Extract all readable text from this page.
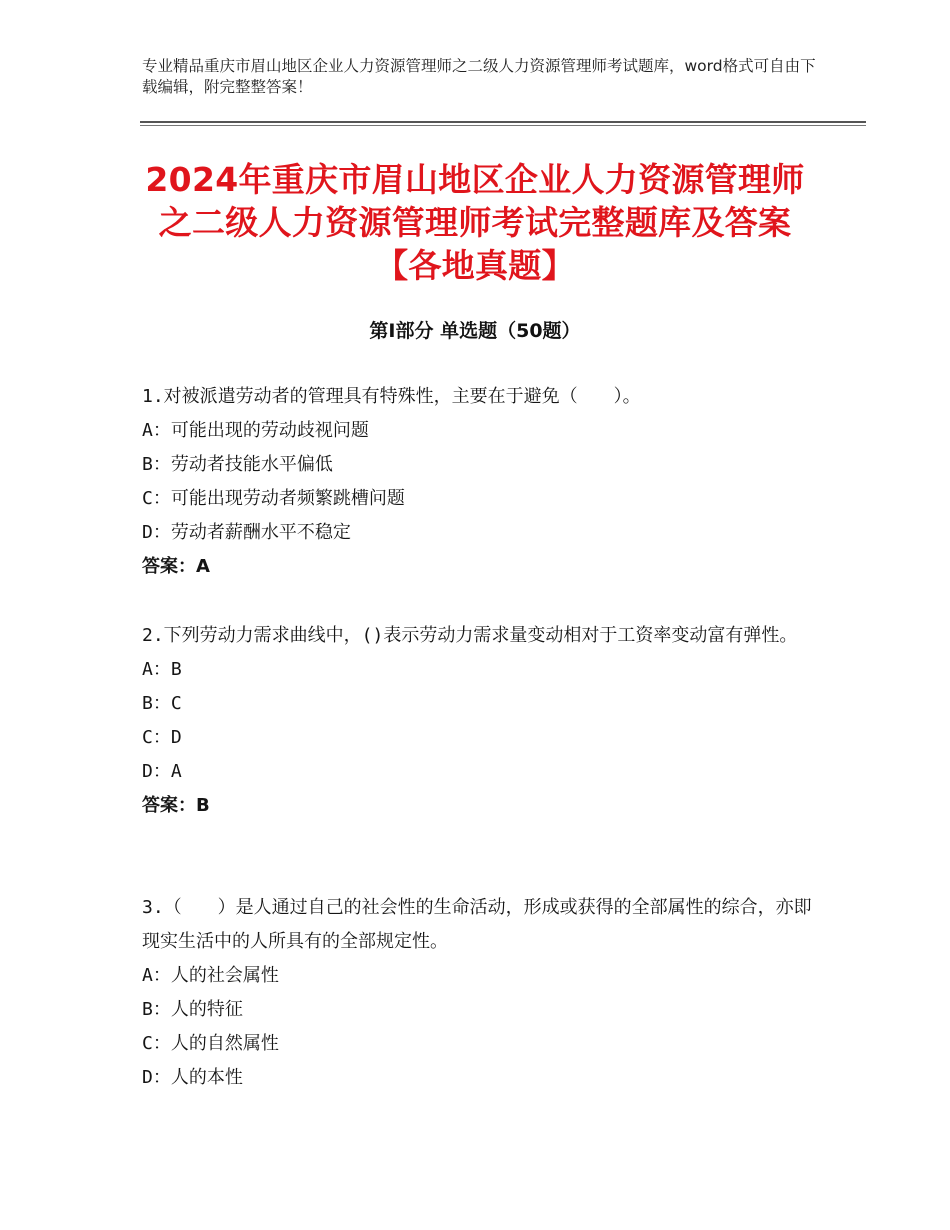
专业精品重庆市眉山地区企业人力资源管理师之二级人力资源管理师考试题库，word格式可自由下载编辑，附完整整答案！
2024年重庆市眉山地区企业人力资源管理师
之二级人力资源管理师考试完整题库及答案
【各地真题】
第Ⅰ部分 单选题（50题）

1.对被派遣劳动者的管理具有特殊性，主要在于避免（　　）。

A：可能出现的劳动歧视问题

B：劳动者技能水平偏低

C：可能出现劳动者频繁跳槽问题

D：劳动者薪酬水平不稳定

答案：A

2.下列劳动力需求曲线中，()表示劳动力需求量变动相对于工资率变动富有弹性。

A：B

B：C

C：D

D：A

答案：B

3.（　　）是人通过自己的社会性的生命活动，形成或获得的全部属性的综合，亦即现实生活中的人所具有的全部规定性。

A：人的社会属性

B：人的特征

C：人的自然属性

D：人的本性
